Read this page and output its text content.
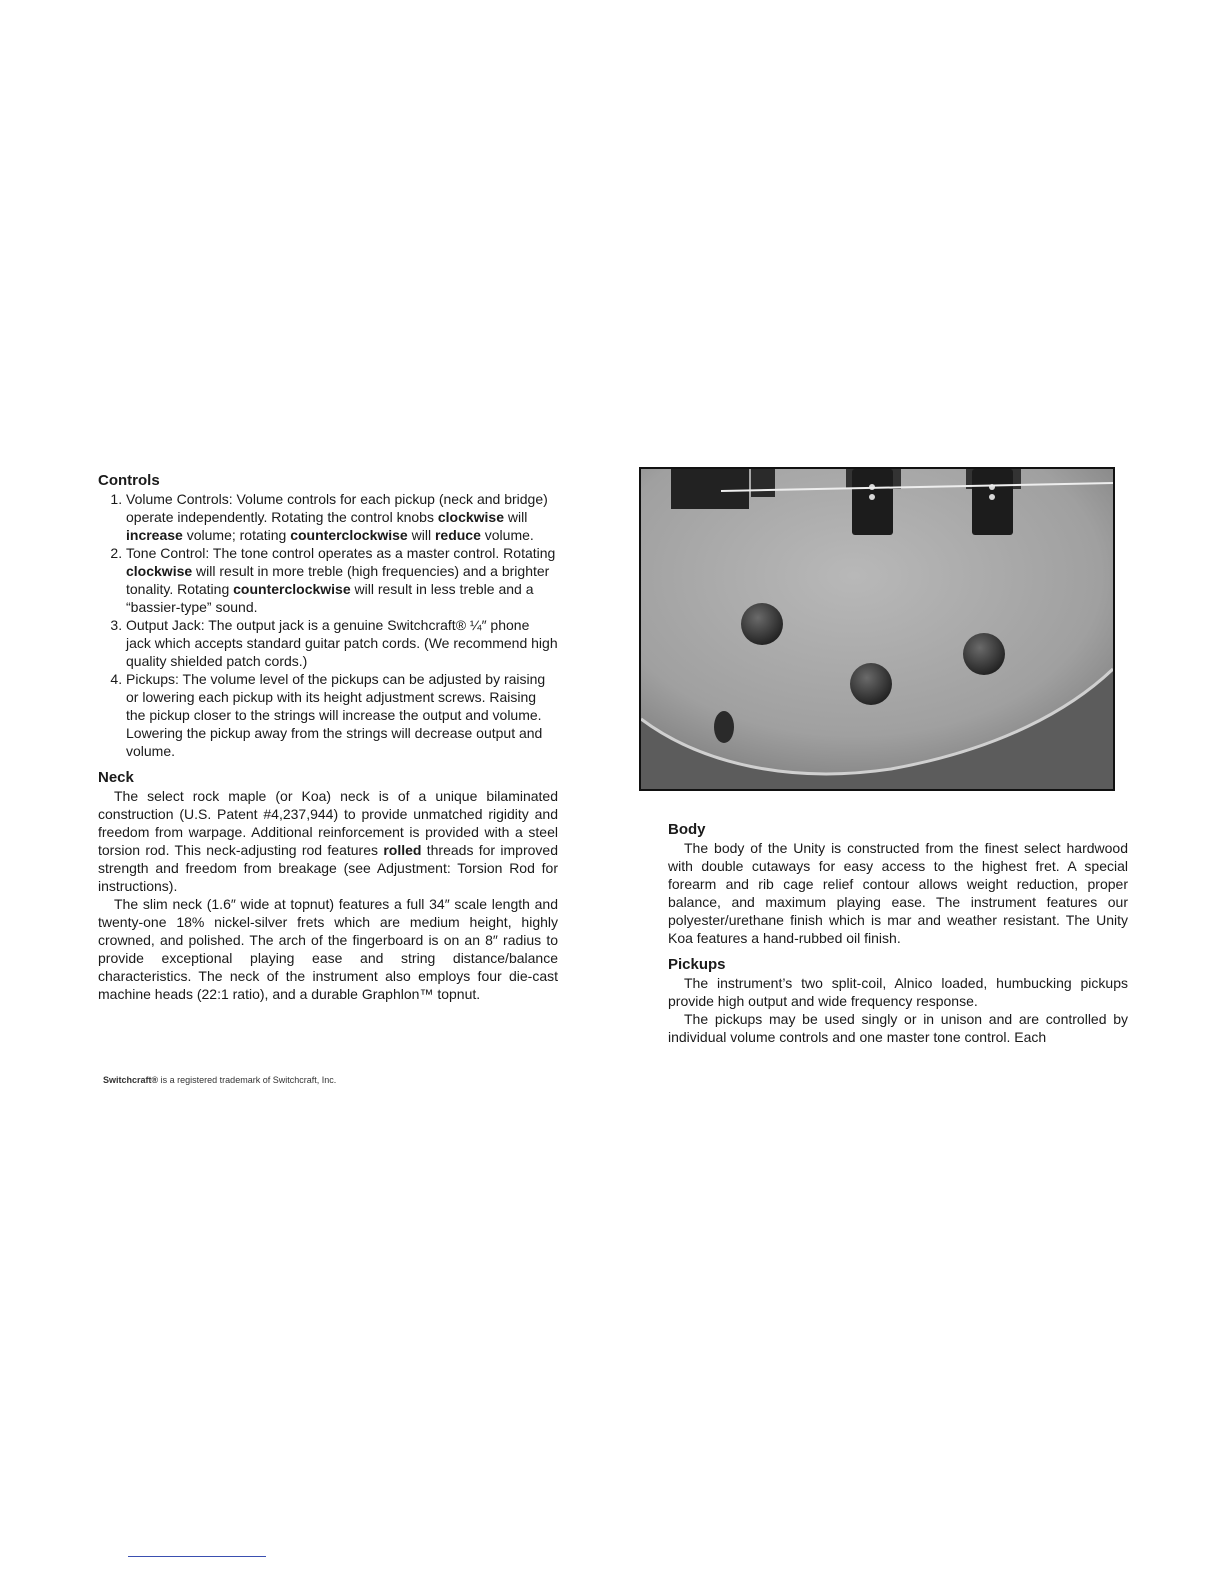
Controls
1. Volume Controls: Volume controls for each pickup (neck and bridge) operate independently. Rotating the control knobs clockwise will increase volume; rotating counterclockwise will reduce volume.
2. Tone Control: The tone control operates as a master control. Rotating clockwise will result in more treble (high frequencies) and a brighter tonality. Rotating counterclockwise will result in less treble and a “bassier-type” sound.
3. Output Jack: The output jack is a genuine Switchcraft® ¼″ phone jack which accepts standard guitar patch cords. (We recommend high quality shielded patch cords.)
4. Pickups: The volume level of the pickups can be adjusted by raising or lowering each pickup with its height adjustment screws. Raising the pickup closer to the strings will increase the output and volume. Lowering the pickup away from the strings will decrease output and volume.
Neck

The select rock maple (or Koa) neck is of a unique bilaminated construction (U.S. Patent #4,237,944) to provide unmatched rigidity and freedom from warpage. Additional reinforcement is provided with a steel torsion rod. This neck-adjusting rod features rolled threads for improved strength and freedom from breakage (see Adjustment: Torsion Rod for instructions).

The slim neck (1.6″ wide at topnut) features a full 34″ scale length and twenty-one 18% nickel-silver frets which are medium height, highly crowned, and polished. The arch of the fingerboard is on an 8″ radius to provide exceptional playing ease and string distance/balance characteristics. The neck of the instrument also employs four die-cast machine heads (22:1 ratio), and a durable Graphlon™ topnut.

Body

The body of the Unity is constructed from the finest select hardwood with double cutaways for easy access to the highest fret. A special forearm and rib cage relief contour allows weight reduction, proper balance, and maximum playing ease. The instrument features our polyester/urethane finish which is mar and weather resistant. The Unity Koa features a hand-rubbed oil finish.

Pickups

The instrument’s two split-coil, Alnico loaded, humbucking pickups provide high output and wide frequency response.

The pickups may be used singly or in unison and are controlled by individual volume controls and one master tone control. Each

Switchcraft® is a registered trademark of Switchcraft, Inc.
